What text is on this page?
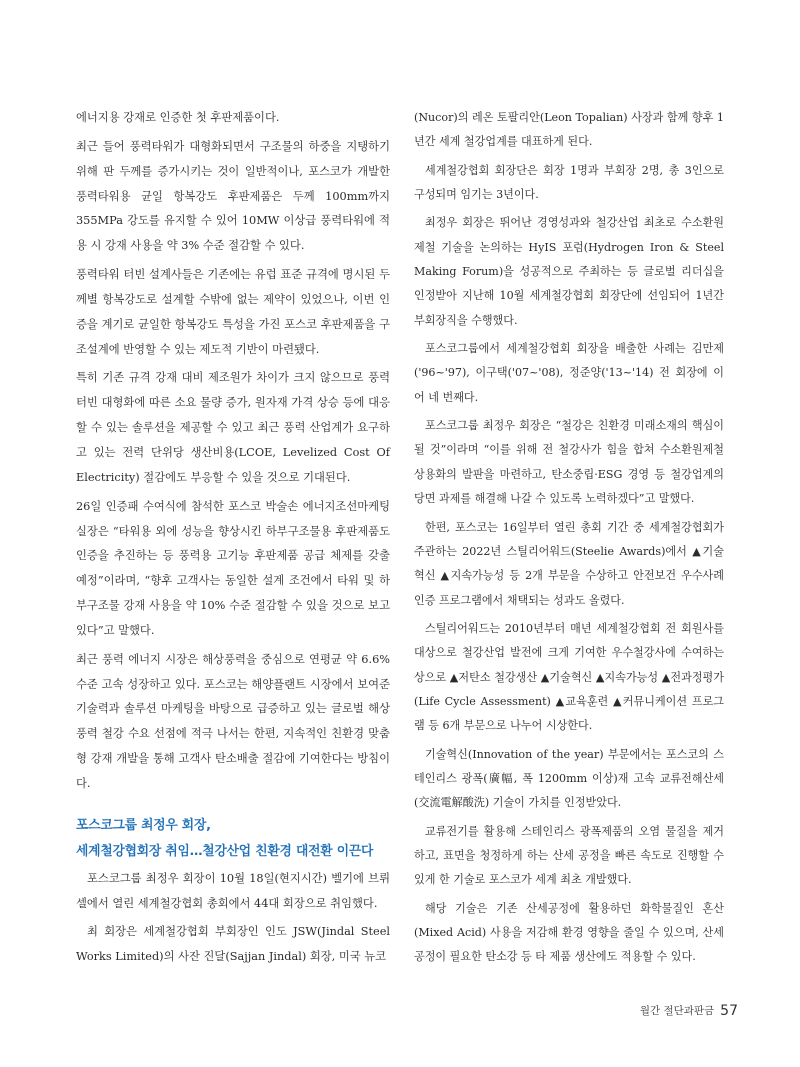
에너지용 강재로 인증한 첫 후판제품이다.

최근 들어 풍력타워가 대형화되면서 구조물의 하중을 지탱하기 위해 판 두께를 증가시키는 것이 일반적이나, 포스코가 개발한 풍력타워용 균일 항복강도 후판제품은 두께 100mm까지 355MPa 강도를 유지할 수 있어 10MW 이상급 풍력타워에 적용 시 강재 사용을 약 3% 수준 절감할 수 있다.

풍력타워 터빈 설계사들은 기존에는 유럽 표준 규격에 명시된 두께별 항복강도로 설계할 수밖에 없는 제약이 있었으나, 이번 인증을 계기로 균일한 항복강도 특성을 가진 포스코 후판제품을 구조설계에 반영할 수 있는 제도적 기반이 마련됐다.

특히 기존 규격 강재 대비 제조원가 차이가 크지 않으므로 풍력터빈 대형화에 따른 소요 물량 증가, 원자재 가격 상승 등에 대응할 수 있는 솔루션을 제공할 수 있고 최근 풍력 산업계가 요구하고 있는 전력 단위당 생산비용(LCOE, Levelized Cost Of Electricity) 절감에도 부응할 수 있을 것으로 기대된다.

26일 인증패 수여식에 참석한 포스코 박술손 에너지조선마케팅실장은 “타워용 외에 성능을 향상시킨 하부구조물용 후판제품도 인증을 추진하는 등 풍력용 고기능 후판제품 공급 체제를 갖출 예정”이라며, “향후 고객사는 동일한 설계 조건에서 타워 및 하부구조물 강재 사용을 약 10% 수준 절감할 수 있을 것으로 보고 있다”고 말했다.

최근 풍력 에너지 시장은 해상풍력을 중심으로 연평균 약 6.6% 수준 고속 성장하고 있다. 포스코는 해양플랜트 시장에서 보여준 기술력과 솔루션 마케팅을 바탕으로 급증하고 있는 글로벌 해상풍력 철강 수요 선점에 적극 나서는 한편, 지속적인 친환경 맞춤형 강재 개발을 통해 고객사 탄소배출 절감에 기여한다는 방침이다.

포스코그룹 최정우 회장,
세계철강협회장 취임…철강산업 친환경 대전환 이끈다

포스코그룹 최정우 회장이 10월 18일(현지시간) 벨기에 브뤼셀에서 열린 세계철강협회 총회에서 44대 회장으로 취임했다.

최 회장은 세계철강협회 부회장인 인도 JSW(Jindal Steel Works Limited)의 사잔 진달(Sajjan Jindal) 회장, 미국 뉴코

(Nucor)의 레온 토팔리안(Leon Topalian) 사장과 함께 향후 1년간 세계 철강업계를 대표하게 된다.

세계철강협회 회장단은 회장 1명과 부회장 2명, 총 3인으로 구성되며 임기는 3년이다.

최정우 회장은 뛰어난 경영성과와 철강산업 최초로 수소환원제철 기술을 논의하는 HyIS 포럼(Hydrogen Iron & Steel Making Forum)을 성공적으로 주최하는 등 글로벌 리더십을 인정받아 지난해 10월 세계철강협회 회장단에 선임되어 1년간 부회장직을 수행했다.

포스코그룹에서 세계철강협회 회장을 배출한 사례는 김만제('96~'97), 이구택('07~'08), 정준양('13~'14) 전 회장에 이어 네 번째다.

포스코그룹 최정우 회장은 “철강은 친환경 미래소재의 핵심이 될 것”이라며 “이를 위해 전 철강사가 힘을 합쳐 수소환원제철 상용화의 발판을 마련하고, 탄소중립·ESG 경영 등 철강업계의 당면 과제를 해결해 나갈 수 있도록 노력하겠다”고 말했다.

한편, 포스코는 16일부터 열린 총회 기간 중 세계철강협회가 주관하는 2022년 스틸리어워드(Steelie Awards)에서 ▲기술혁신 ▲지속가능성 등 2개 부문을 수상하고 안전보건 우수사례 인증 프로그램에서 채택되는 성과도 올렸다.

스틸리어워드는 2010년부터 매년 세계철강협회 전 회원사를 대상으로 철강산업 발전에 크게 기여한 우수철강사에 수여하는 상으로 ▲저탄소 철강생산 ▲기술혁신 ▲지속가능성 ▲전과정평가(Life Cycle Assessment) ▲교육훈련 ▲커뮤니케이션 프로그램 등 6개 부문으로 나누어 시상한다.

기술혁신(Innovation of the year) 부문에서는 포스코의 스테인리스 광폭(廣幅, 폭 1200mm 이상)재 고속 교류전해산세(交流電解酸洗) 기술이 가치를 인정받았다.

교류전기를 활용해 스테인리스 광폭제품의 오염 물질을 제거하고, 표면을 청정하게 하는 산세 공정을 빠른 속도로 진행할 수 있게 한 기술로 포스코가 세계 최초 개발했다.

해당 기술은 기존 산세공정에 활용하던 화학물질인 혼산(Mixed Acid) 사용을 저감해 환경 영향을 줄일 수 있으며, 산세공정이 필요한 탄소강 등 타 제품 생산에도 적용할 수 있다.

월간 절단과판금 57
